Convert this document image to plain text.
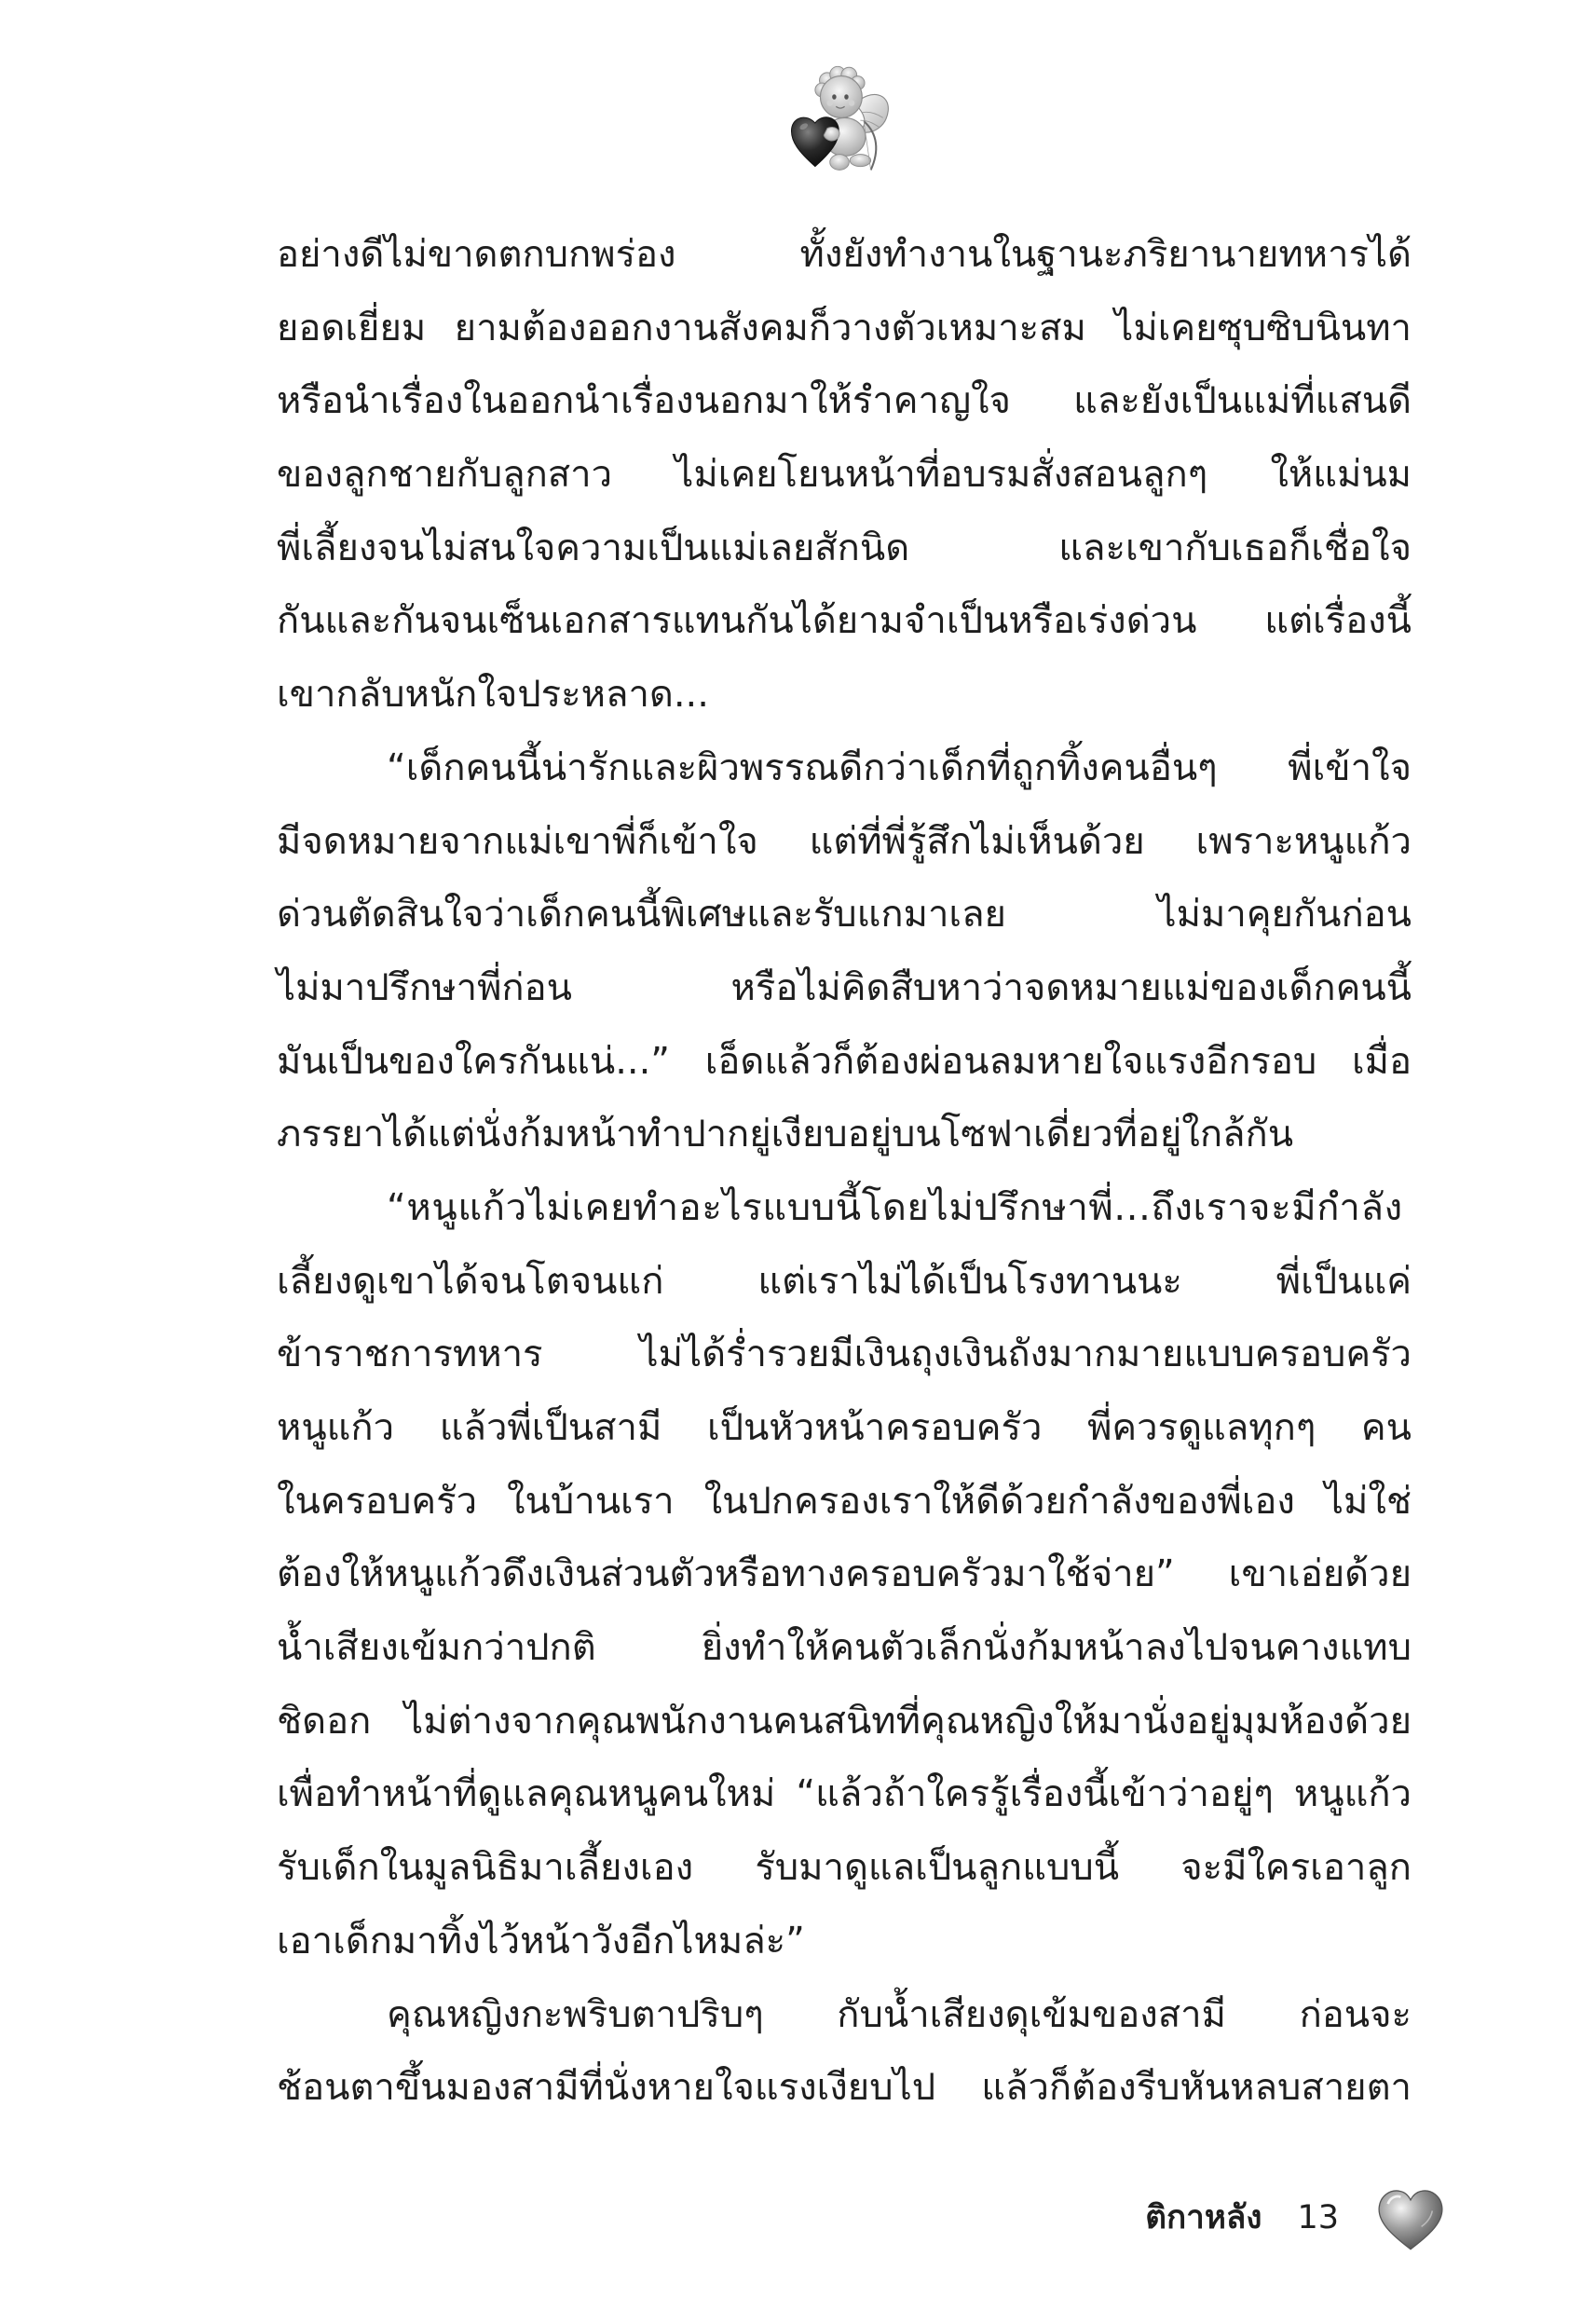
อย่างดีไม่ขาดตกบกพร่อง ทั้งยังทำงานในฐานะภริยานายทหารได้
ยอดเยี่ยม ยามต้องออกงานสังคมก็วางตัวเหมาะสม ไม่เคยซุบซิบนินทา
หรือนำเรื่องในออกนำเรื่องนอกมาให้รำคาญใจ และยังเป็นแม่ที่แสนดี
ของลูกชายกับลูกสาว ไม่เคยโยนหน้าที่อบรมสั่งสอนลูกๆ ให้แม่นม
พี่เลี้ยงจนไม่สนใจความเป็นแม่เลยสักนิด และเขากับเธอก็เชื่อใจ
กันและกันจนเซ็นเอกสารแทนกันได้ยามจำเป็นหรือเร่งด่วน แต่เรื่องนี้
เขากลับหนักใจประหลาด...
“เด็กคนนี้น่ารักและผิวพรรณดีกว่าเด็กที่ถูกทิ้งคนอื่นๆ พี่เข้าใจ
มีจดหมายจากแม่เขาพี่ก็เข้าใจ แต่ที่พี่รู้สึกไม่เห็นด้วย เพราะหนูแก้ว
ด่วนตัดสินใจว่าเด็กคนนี้พิเศษและรับแกมาเลย ไม่มาคุยกันก่อน
ไม่มาปรึกษาพี่ก่อน หรือไม่คิดสืบหาว่าจดหมายแม่ของเด็กคนนี้
มันเป็นของใครกันแน่...” เอ็ดแล้วก็ต้องผ่อนลมหายใจแรงอีกรอบ เมื่อ
ภรรยาได้แต่นั่งก้มหน้าทำปากยู่เงียบอยู่บนโซฟาเดี่ยวที่อยู่ใกล้กัน
“หนูแก้วไม่เคยทำอะไรแบบนี้โดยไม่ปรึกษาพี่...ถึงเราจะมีกำลัง
เลี้ยงดูเขาได้จนโตจนแก่ แต่เราไม่ได้เป็นโรงทานนะ พี่เป็นแค่
ข้าราชการทหาร ไม่ได้ร่ำรวยมีเงินถุงเงินถังมากมายแบบครอบครัว
หนูแก้ว แล้วพี่เป็นสามี เป็นหัวหน้าครอบครัว พี่ควรดูแลทุกๆ คน
ในครอบครัว ในบ้านเรา ในปกครองเราให้ดีด้วยกำลังของพี่เอง ไม่ใช่
ต้องให้หนูแก้วดึงเงินส่วนตัวหรือทางครอบครัวมาใช้จ่าย” เขาเอ่ยด้วย
น้ำเสียงเข้มกว่าปกติ ยิ่งทำให้คนตัวเล็กนั่งก้มหน้าลงไปจนคางแทบ
ชิดอก ไม่ต่างจากคุณพนักงานคนสนิทที่คุณหญิงให้มานั่งอยู่มุมห้องด้วย
เพื่อทำหน้าที่ดูแลคุณหนูคนใหม่ “แล้วถ้าใครรู้เรื่องนี้เข้าว่าอยู่ๆ หนูแก้ว
รับเด็กในมูลนิธิมาเลี้ยงเอง รับมาดูแลเป็นลูกแบบนี้ จะมีใครเอาลูก
เอาเด็กมาทิ้งไว้หน้าวังอีกไหมล่ะ”
คุณหญิงกะพริบตาปริบๆ กับน้ำเสียงดุเข้มของสามี ก่อนจะ
ช้อนตาขึ้นมองสามีที่นั่งหายใจแรงเงียบไป แล้วก็ต้องรีบหันหลบสายตา
ติกาหลัง 13
